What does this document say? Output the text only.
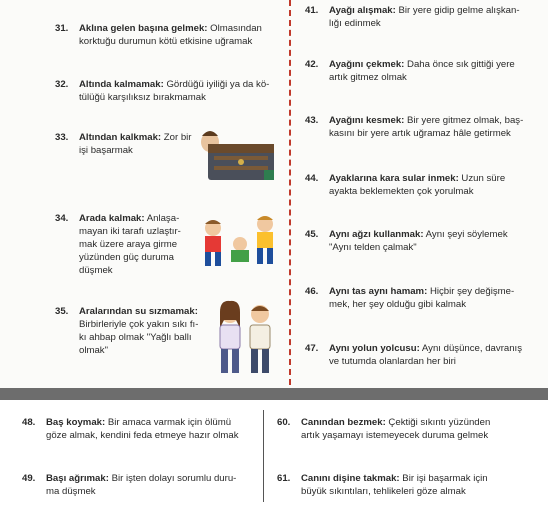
31. Aklına gelen başına gelmek: Olmasından
korktuğu durumun kötü etkisine uğramak
32. Altında kalmamak: Gördüğü iyiliği ya da kö-
tülüğü karşılıksız bırakmamak
33. Altından kalkmak: Zor bir
işi başarmak
34. Arada kalmak: Anlaşa-
mayan iki tarafı uzlaştır-
mak üzere araya girme
yüzünden güç duruma
düşmek
35. Aralarından su sızmamak:
Birbirleriyle çok yakın sıkı fı-
kı ahbap olmak "Yağlı ballı
olmak"
41. Ayağı alışmak: Bir yere gidip gelme alışkan-
lığı edinmek
42. Ayağını çekmek: Daha önce sık gittiği yere
artık gitmez olmak
43. Ayağını kesmek: Bir yere gitmez olmak, baş-
kasını bir yere artık uğramaz hâle getirmek
44. Ayaklarına kara sular inmek: Uzun süre
ayakta beklemekten çok yorulmak
45. Aynı ağzı kullanmak: Aynı şeyi söylemek
"Aynı telden çalmak"
46. Aynı tas aynı hamam: Hiçbir şey değişme-
mek, her şey olduğu gibi kalmak
47. Aynı yolun yolcusu: Aynı düşünce, davranış
ve tutumda olanlardan her biri
48. Baş koymak: Bir amaca varmak için ölümü
göze almak, kendini feda etmeye hazır olmak
49. Başı ağrımak: Bir işten dolayı sorumlu duru-
ma düşmek
60. Canından bezmek: Çektiği sıkıntı yüzünden
artık yaşamayı istemeyecek duruma gelmek
61. Canını dişine takmak: Bir işi başarmak için
büyük sıkıntıları, tehlikeleri göze almak
